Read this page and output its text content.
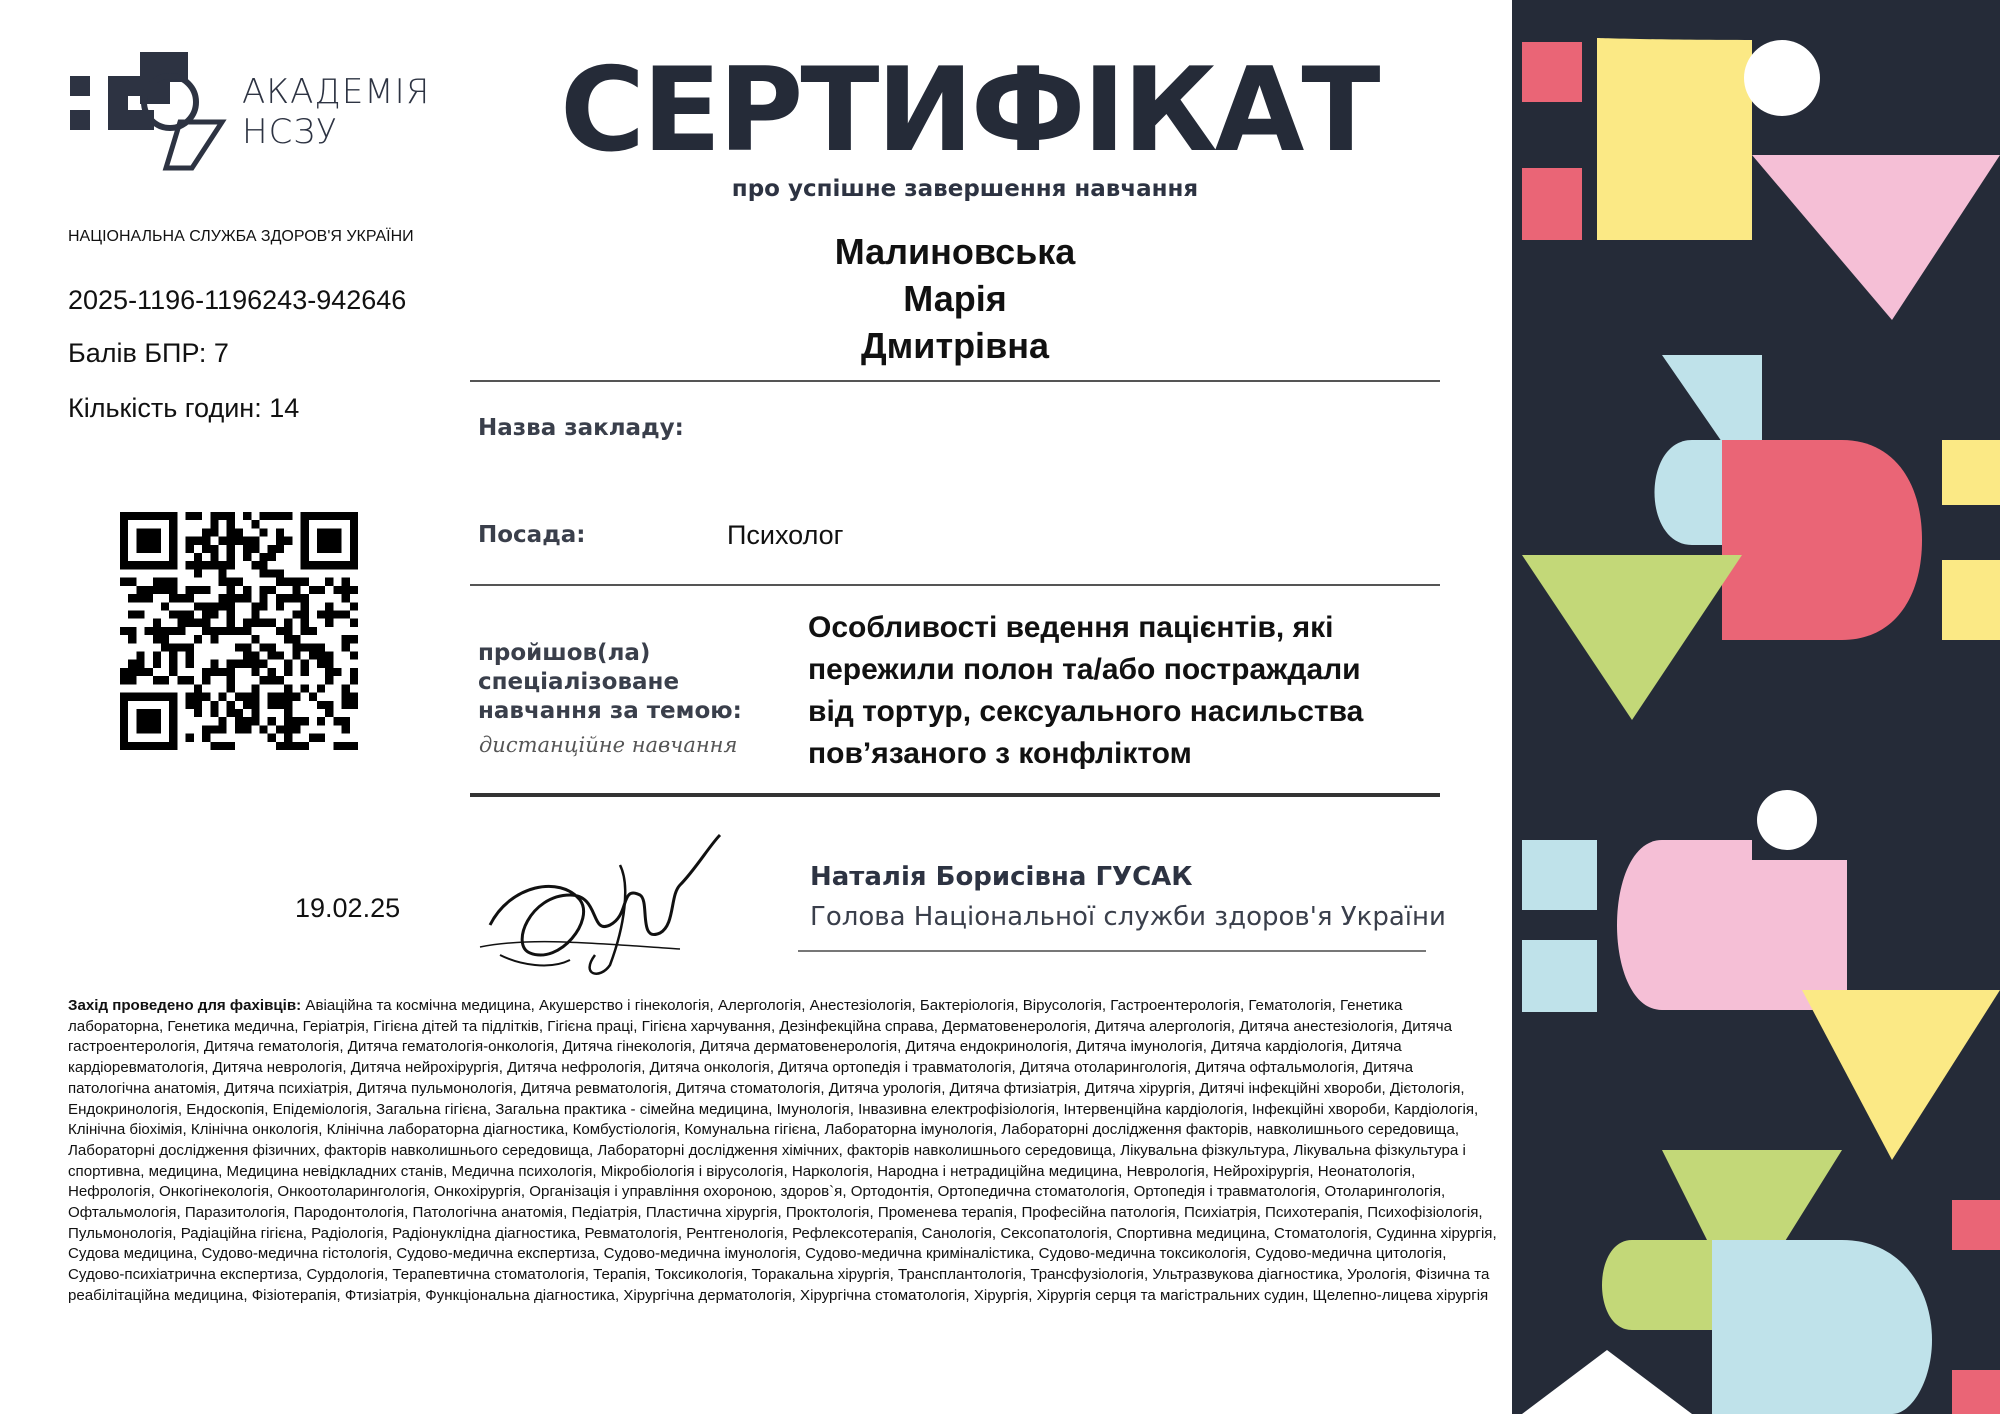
АКАДЕМІЯ
НСЗУ
НАЦІОНАЛЬНА СЛУЖБА ЗДОРОВ'Я УКРАЇНИ
2025-1196-1196243-942646
Балів БПР: 7
Кількість годин: 14
СЕРТИФІКАТ
про успішне завершення навчання
Малиновська
Марія
Дмитрівна
Назва закладу:
Посада:	Психолог
пройшов(ла)
спеціалізоване
навчання за темою:
дистанційне навчання
Особливості ведення пацієнтів, які
пережили полон та/або постраждали
від тортур, сексуального насильства
пов’язаного з конфліктом
19.02.25
Наталія Борисівна ГУСАК
Голова Національної служби здоров'я України
Захід проведено для фахівців: Авіаційна та космічна медицина, Акушерство і гінекологія, Алергологія, Анестезіологія, Бактеріологія, Вірусологія, Гастроентерологія, Гематологія, Генетика лабораторна, Генетика медична, Геріатрія, Гігієна дітей та підлітків, Гігієна праці, Гігієна харчування, Дезінфекційна справа, Дерматовенерологія, Дитяча алергологія, Дитяча анестезіологія, Дитяча гастроентерологія, Дитяча гематологія, Дитяча гематологія-онкологія, Дитяча гінекологія, Дитяча дерматовенерологія, Дитяча ендокринологія, Дитяча імунологія, Дитяча кардіологія, Дитяча кардіоревматологія, Дитяча неврологія, Дитяча нейрохірургія, Дитяча нефрологія, Дитяча онкологія, Дитяча ортопедія і травматологія, Дитяча отоларингологія, Дитяча офтальмологія, Дитяча патологічна анатомія, Дитяча психіатрія, Дитяча пульмонологія, Дитяча ревматологія, Дитяча стоматологія, Дитяча урологія, Дитяча фтизіатрія, Дитяча хірургія, Дитячі інфекційні хвороби, Дієтологія, Ендокринологія, Ендоскопія, Епідеміологія, Загальна гігієна, Загальна практика - сімейна медицина, Імунологія, Інвазивна електрофізіологія, Інтервенційна кардіологія, Інфекційні хвороби, Кардіологія, Клінічна біохімія, Клінічна онкологія, Клінічна лабораторна діагностика, Комбустіологія, Комунальна гігієна, Лабораторна імунологія, Лабораторні дослідження факторів, навколишнього середовища, Лабораторні дослідження фізичних, факторів навколишнього середовища, Лабораторні дослідження хімічних, факторів навколишнього середовища, Лікувальна фізкультура, Лікувальна фізкультура і спортивна, медицина, Медицина невідкладних станів, Медична психологія, Мікробіологія і вірусологія, Наркологія, Народна і нетрадиційна медицина, Неврологія, Нейрохірургія, Неонатологія, Нефрологія, Онкогінекологія, Онкоотоларингологія, Онкохірургія, Організація і управління охороною, здоров`я, Ортодонтія, Ортопедична стоматологія, Ортопедія і травматологія, Отоларингологія, Офтальмологія, Паразитологія, Пародонтологія, Патологічна анатомія, Педіатрія, Пластична хірургія, Проктологія, Променева терапія, Професійна патологія, Психіатрія, Психотерапія, Психофізіологія, Пульмонологія, Радіаційна гігієна, Радіологія, Радіонуклідна діагностика, Ревматологія, Рентгенологія, Рефлексотерапія, Санологія, Сексопатологія, Спортивна медицина, Стоматологія, Судинна хірургія, Судова медицина, Судово-медична гістологія, Судово-медична експертиза, Судово-медична імунологія, Судово-медична криміналістика, Судово-медична токсикологія, Судово-медична цитологія, Судово-психіатрична експертиза, Сурдологія, Терапевтична стоматологія, Терапія, Токсикологія, Торакальна хірургія, Трансплантологія, Трансфузіологія, Ультразвукова діагностика, Урологія, Фізична та реабілітаційна медицина, Фізіотерапія, Фтизіатрія, Функціональна діагностика, Хірургічна дерматологія, Хірургічна стоматологія, Хірургія, Хірургія серця та магістральних судин, Щелепно-лицева хірургія
